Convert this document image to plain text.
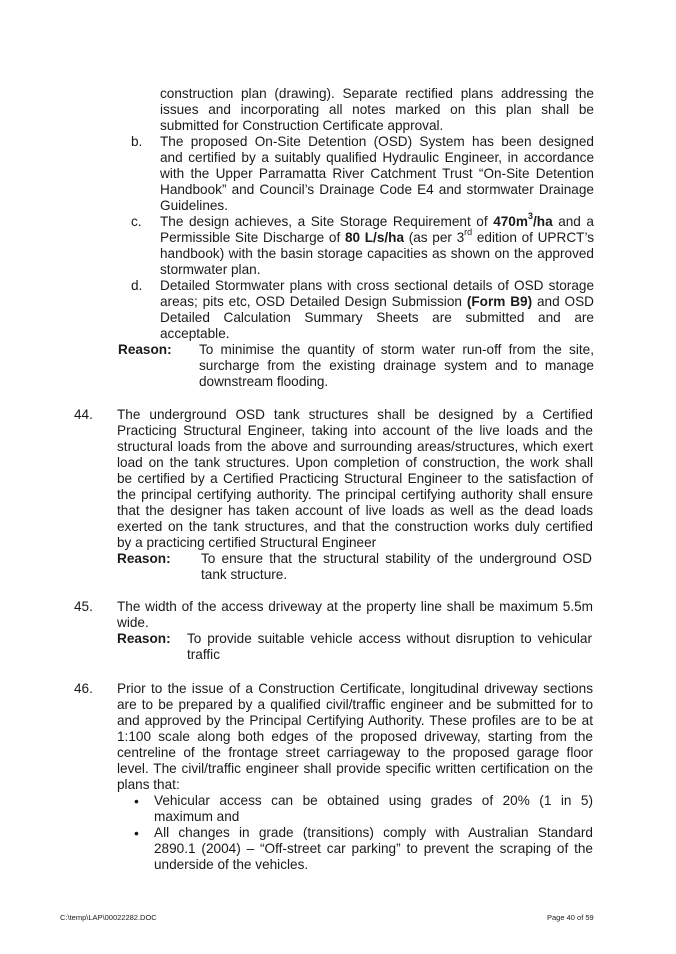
construction plan (drawing). Separate rectified plans addressing the
issues and incorporating all notes marked on this plan shall be
submitted for Construction Certificate approval.
b. The proposed On-Site Detention (OSD) System has been designed
and certified by a suitably qualified Hydraulic Engineer, in accordance
with the Upper Parramatta River Catchment Trust “On-Site Detention
Handbook” and Council’s Drainage Code E4 and stormwater Drainage
Guidelines.
c. The design achieves, a Site Storage Requirement of $470m^3/ha$ and a
Permissible Site Discharge of 80 L/s/ha (as per 3rd edition of UPRCT’s
handbook) with the basin storage capacities as shown on the approved
stormwater plan.
d. Detailed Stormwater plans with cross sectional details of OSD storage
areas; pits etc, OSD Detailed Design Submission (Form B9) and OSD
Detailed Calculation Summary Sheets are submitted and are
acceptable.
Reason: To minimise the quantity of storm water run-off from the site,
surcharge from the existing drainage system and to manage
downstream flooding.
44. The underground OSD tank structures shall be designed by a Certified
Practicing Structural Engineer, taking into account of the live loads and the
structural loads from the above and surrounding areas/structures, which exert
load on the tank structures. Upon completion of construction, the work shall
be certified by a Certified Practicing Structural Engineer to the satisfaction of
the principal certifying authority. The principal certifying authority shall ensure
that the designer has taken account of live loads as well as the dead loads
exerted on the tank structures, and that the construction works duly certified
by a practicing certified Structural Engineer
Reason: To ensure that the structural stability of the underground OSD
tank structure.
45. The width of the access driveway at the property line shall be maximum 5.5m
wide.
Reason: To provide suitable vehicle access without disruption to vehicular
traffic
46. Prior to the issue of a Construction Certificate, longitudinal driveway sections
are to be prepared by a qualified civil/traffic engineer and be submitted for to
and approved by the Principal Certifying Authority. These profiles are to be at
1:100 scale along both edges of the proposed driveway, starting from the
centreline of the frontage street carriageway to the proposed garage floor
level. The civil/traffic engineer shall provide specific written certification on the
plans that:
• Vehicular access can be obtained using grades of 20% (1 in 5)
maximum and
• All changes in grade (transitions) comply with Australian Standard
2890.1 (2004) – “Off-street car parking” to prevent the scraping of the
underside of the vehicles.
C:\temp\LAP\00022282.DOC	Page 40 of 59
